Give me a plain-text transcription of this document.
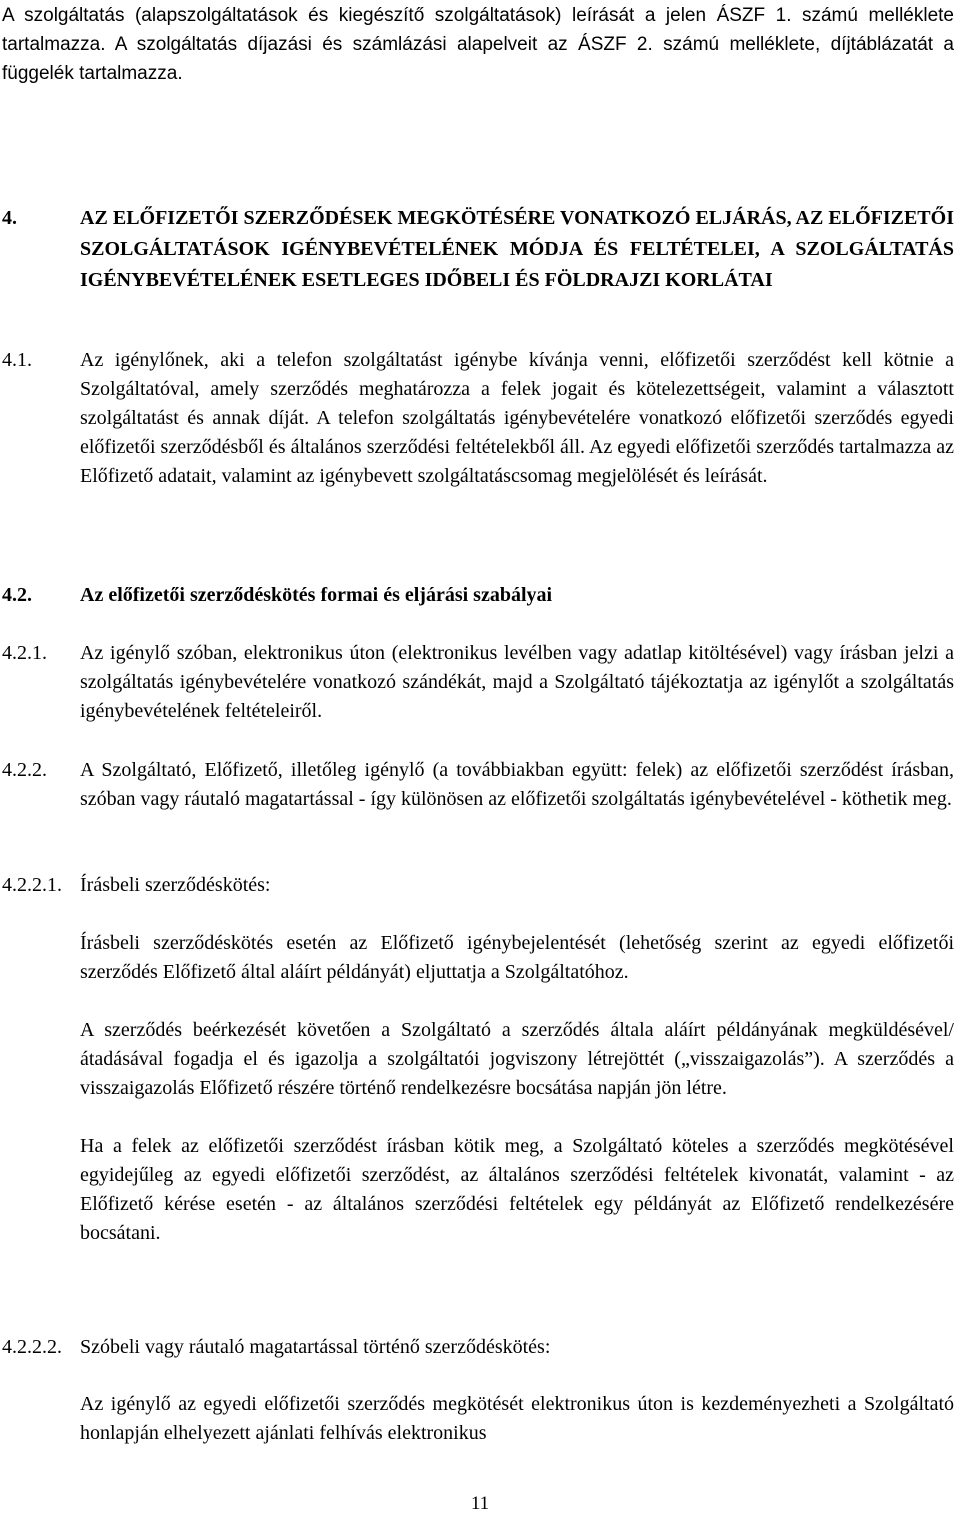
A szolgáltatás (alapszolgáltatások és kiegészítő szolgáltatások) leírását a jelen ÁSZF 1. számú melléklete tartalmazza. A szolgáltatás díjazási és számlázási alapelveit az ÁSZF 2. számú melléklete, díjtáblázatát a függelék tartalmazza.

4.	AZ ELŐFIZETŐI SZERZŐDÉSEK MEGKÖTÉSÉRE VONATKOZÓ ELJÁRÁS, AZ ELŐFIZETŐI SZOLGÁLTATÁSOK IGÉNYBEVÉTELÉNEK MÓDJA ÉS FELTÉTELEI, A SZOLGÁLTATÁS IGÉNYBEVÉTELÉNEK ESETLEGES IDŐBELI ÉS FÖLDRAJZI KORLÁTAI

4.1. Az igénylőnek, aki a telefon szolgáltatást igénybe kívánja venni, előfizetői szerződést kell kötnie a Szolgáltatóval, amely szerződés meghatározza a felek jogait és kötelezettségeit, valamint a választott szolgáltatást és annak díját. A telefon szolgáltatás igénybevételére vonatkozó előfizetői szerződés egyedi előfizetői szerződésből és általános szerződési feltételekből áll. Az egyedi előfizetői szerződés tartalmazza az Előfizető adatait, valamint az igénybevett szolgáltatáscsomag megjelölését és leírását.

4.2. Az előfizetői szerződéskötés formai és eljárási szabályai

4.2.1. Az igénylő szóban, elektronikus úton (elektronikus levélben vagy adatlap kitöltésével) vagy írásban jelzi a szolgáltatás igénybevételére vonatkozó szándékát, majd a Szolgáltató tájékoztatja az igénylőt a szolgáltatás igénybevételének feltételeiről.

4.2.2. A Szolgáltató, Előfizető, illetőleg igénylő (a továbbiakban együtt: felek) az előfizetői szerződést írásban, szóban vagy ráutaló magatartással - így különösen az előfizetői szolgáltatás igénybevételével - köthetik meg.

4.2.2.1. Írásbeli szerződéskötés:

Írásbeli szerződéskötés esetén az Előfizető igénybejelentését (lehetőség szerint az egyedi előfizetői szerződés Előfizető által aláírt példányát) eljuttatja a Szolgáltatóhoz.

A szerződés beérkezését követően a Szolgáltató a szerződés általa aláírt példányának megküldésével/átadásával fogadja el és igazolja a szolgáltatói jogviszony létrejöttét („visszaigazolás”). A szerződés a visszaigazolás Előfizető részére történő rendelkezésre bocsátása napján jön létre.

Ha a felek az előfizetői szerződést írásban kötik meg, a Szolgáltató köteles a szerződés megkötésével egyidejűleg az egyedi előfizetői szerződést, az általános szerződési feltételek kivonatát, valamint - az Előfizető kérése esetén - az általános szerződési feltételek egy példányát az Előfizető rendelkezésére bocsátani.

4.2.2.2. Szóbeli vagy ráutaló magatartással történő szerződéskötés:

Az igénylő az egyedi előfizetői szerződés megkötését elektronikus úton is kezdeményezheti a Szolgáltató honlapján elhelyezett ajánlati felhívás elektronikus

11
